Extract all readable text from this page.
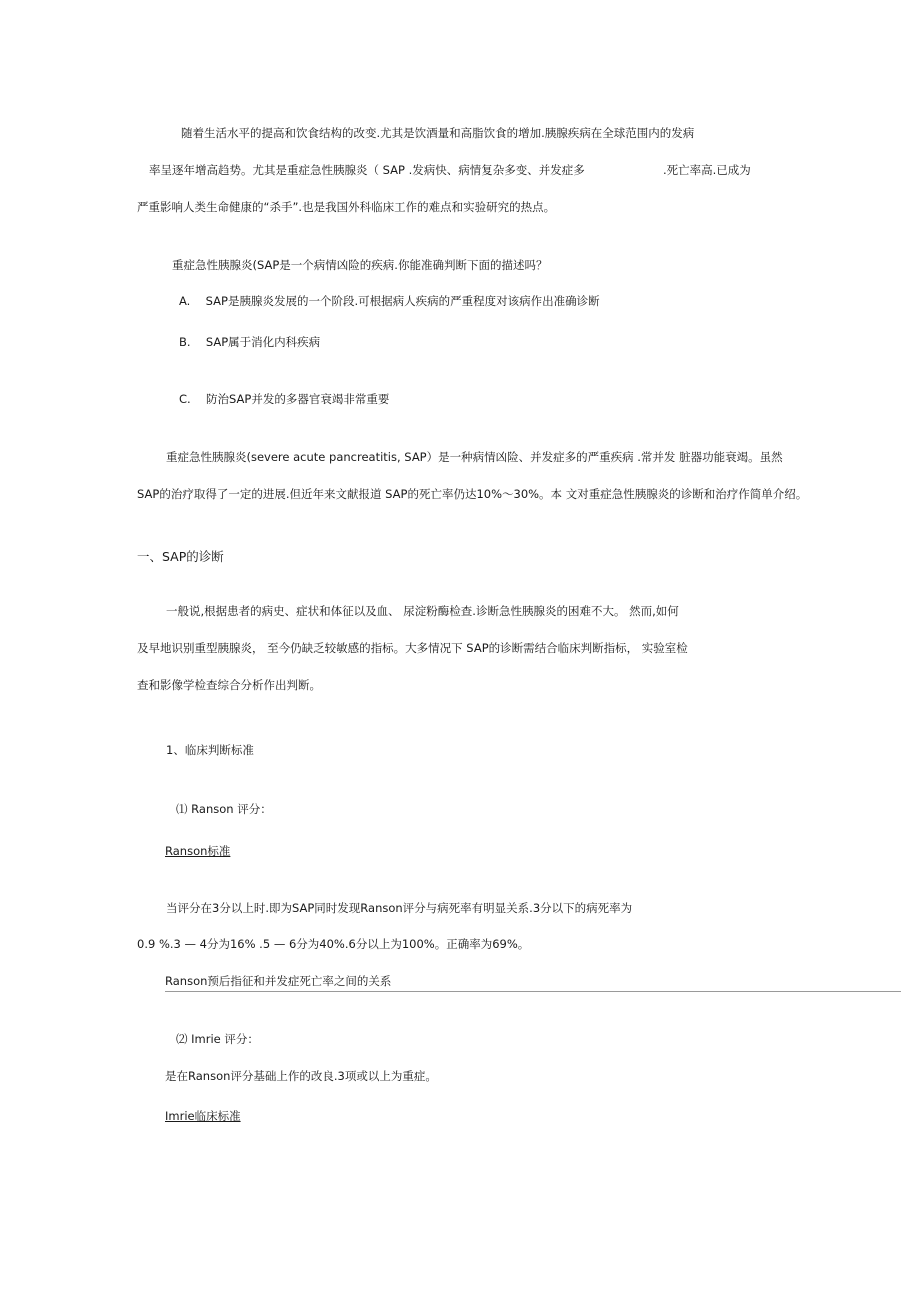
随着生活水平的提高和饮食结构的改变.尤其是饮酒量和高脂饮食的增加.胰腺疾病在全球范围内的发病
率呈逐年增高趋势。尤其是重症急性胰腺炎（ SAP .发病快、病情复杂多变、并发症多	.死亡率高.已成为
严重影响人类生命健康的“杀手”.也是我国外科临床工作的难点和实验研究的热点。
重症急性胰腺炎(SAP是一个病情凶险的疾病.你能准确判断下面的描述吗？
A. SAP是胰腺炎发展的一个阶段.可根据病人疾病的严重程度对该病作出准确诊断
B. SAP属于消化内科疾病
C. 防治SAP并发的多器官衰竭非常重要
重症急性胰腺炎(severe acute pancreatitis, SAP）是一种病情凶险、并发症多的严重疾病 .常并发 脏器功能衰竭。虽然
SAP的治疗取得了一定的进展.但近年来文献报道 SAP的死亡率仍达10%～30%。本 文对重症急性胰腺炎的诊断和治疗作简单介绍。
一、SAP的诊断
一般说,根据患者的病史、症状和体征以及血、 尿淀粉酶检查.诊断急性胰腺炎的困难不大。 然而,如何
及早地识别重型胰腺炎， 至今仍缺乏较敏感的指标。大多情况下 SAP的诊断需结合临床判断指标， 实验室检
查和影像学检查综合分析作出判断。
1、临床判断标准
⑴ Ranson 评分：
Ranson标准
当评分在3分以上时.即为SAP同时发现Ranson评分与病死率有明显关系.3分以下的病死率为
0.9 %.3 — 4分为16% .5 — 6分为40%.6分以上为100%。正确率为69%。
Ranson预后指征和并发症死亡率之间的关系
⑵ Imrie 评分：
是在Ranson评分基础上作的改良.3项或以上为重症。
Imrie临床标准
